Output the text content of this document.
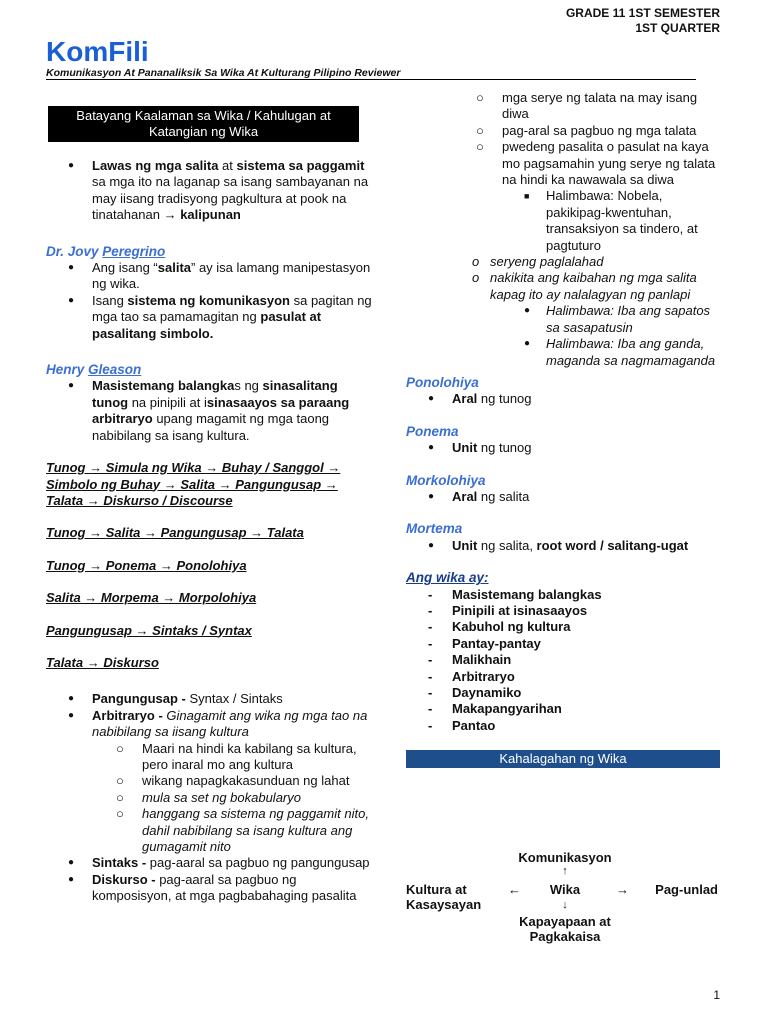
GRADE 11 1ST SEMESTER
1ST QUARTER
KomFili
Komunikasyon At Pananaliksik Sa Wika At Kulturang Pilipino Reviewer
Batayang Kaalaman sa Wika / Kahulugan at
Katangian ng Wika
● Lawas ng mga salita at sistema sa paggamit sa mga ito na laganap sa isang sambayanan na may iisang tradisyong pagkultura at pook na tinatahanan → kalipunan
Dr. Jovy Peregrino
● Ang isang “salita” ay isa lamang manipestasyon ng wika.
● Isang sistema ng komunikasyon sa pagitan ng mga tao sa pamamagitan ng pasulat at pasalitang simbolo.
Henry Gleason
● Masistemang balangkas ng sinasalitang tunog na pinipili at isinasaayos sa paraang arbitraryo upang magamit ng mga taong nabibilang sa isang kultura.
Tunog → Simula ng Wika → Buhay / Sanggol → Simbolo ng Buhay → Salita → Pangungusap → Talata → Diskurso / Discourse
Tunog → Salita → Pangungusap → Talata
Tunog → Ponema → Ponolohiya
Salita → Morpema → Morpolohiya
Pangungusap → Sintaks / Syntax
Talata → Diskurso
● Pangungusap - Syntax / Sintaks
● Arbitraryo - Ginagamit ang wika ng mga tao na nabibilang sa iisang kultura
○ Maari na hindi ka kabilang sa kultura, pero inaral mo ang kultura
○ wikang napagkakasunduan ng lahat
○ mula sa set ng bokabularyo
○ hanggang sa sistema ng paggamit nito, dahil nabibilang sa isang kultura ang gumagamit nito
● Sintaks - pag-aaral sa pagbuo ng pangungusap
● Diskurso - pag-aaral sa pagbuo ng komposisyon, at mga pagbabahaging pasalita
○ mga serye ng talata na may isang diwa
○ pag-aral sa pagbuo ng mga talata
○ pwedeng pasalita o pasulat na kaya mo pagsamahin yung serye ng talata na hindi ka nawawala sa diwa
■ Halimbawa: Nobela, pakikipag-kwentuhan, transaksiyon sa tindero, at pagtuturo
o seryeng paglalahad
o nakikita ang kaibahan ng mga salita kapag ito ay nalalagyan ng panlapi
● Halimbawa: Iba ang sapatos sa sasapatusin
● Halimbawa: Iba ang ganda, maganda sa nagmamaganda
Ponolohiya
● Aral ng tunog
Ponema
● Unit ng tunog
Morkolohiya
● Aral ng salita
Mortema
● Unit ng salita, root word / salitang-ugat
Ang wika ay:
- Masistemang balangkas
- Pinipili at isinasaayos
- Kabuhol ng kultura
- Pantay-pantay
- Malikhain
- Arbitraryo
- Daynamiko
- Makapangyarihan
- Pantao
Kahalagahan ng Wika
Komunikasyon
↑
Wika
Kultura at
Kasaysayan
←	→ Pag-unlad
↓
Kapayapaan at
Pagkakaisa
1
